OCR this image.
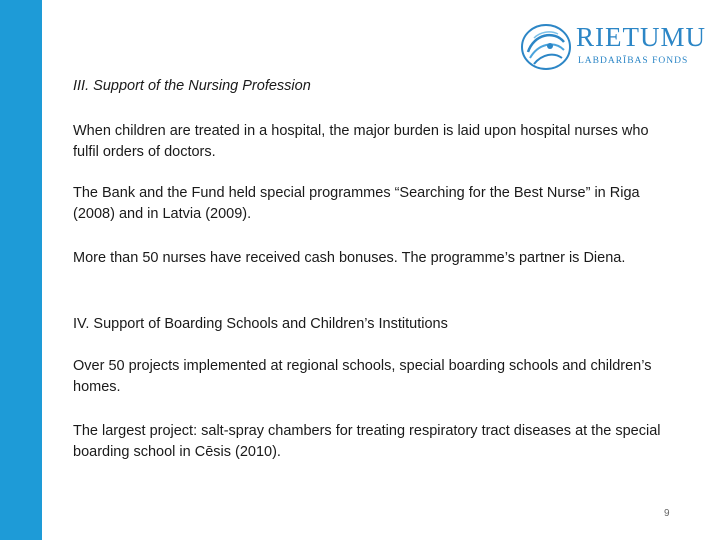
RIETUMU
LABDARĪBAS FONDS

III. Support of the Nursing Profession

When children are treated in a hospital, the major burden is laid upon hospital nurses who fulfil orders of doctors.

The Bank and the Fund held special programmes “Searching for the Best Nurse” in Riga (2008) and in Latvia (2009).

More than 50 nurses have received cash bonuses. The programme’s partner is Diena.

IV. Support of Boarding Schools and Children’s Institutions

Over 50 projects implemented at regional schools, special boarding schools and children’s homes.

The largest project: salt-spray chambers for treating respiratory tract diseases at the special boarding school in Cēsis (2010).

9
